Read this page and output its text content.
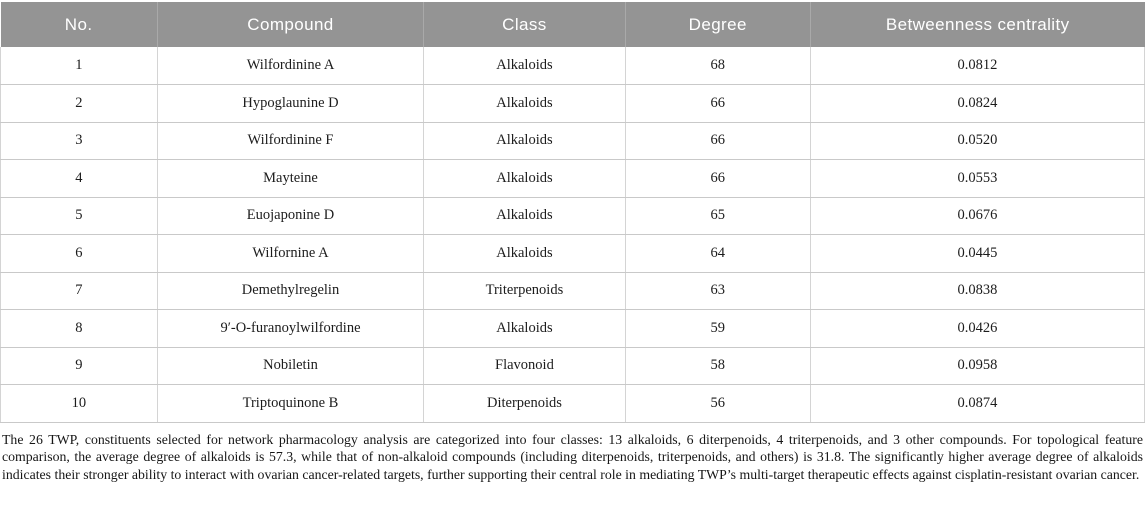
No.	Compound	Class	Degree	Betweenness centrality
1	Wilfordinine A	Alkaloids	68	0.0812
2	Hypoglaunine D	Alkaloids	66	0.0824
3	Wilfordinine F	Alkaloids	66	0.0520
4	Mayteine	Alkaloids	66	0.0553
5	Euojaponine D	Alkaloids	65	0.0676
6	Wilfornine A	Alkaloids	64	0.0445
7	Demethylregelin	Triterpenoids	63	0.0838
8	9′-O-furanoylwilfordine	Alkaloids	59	0.0426
9	Nobiletin	Flavonoid	58	0.0958
10	Triptoquinone B	Diterpenoids	56	0.0874

The 26 TWP, constituents selected for network pharmacology analysis are categorized into four classes: 13 alkaloids, 6 diterpenoids, 4 triterpenoids, and 3 other compounds. For topological feature comparison, the average degree of alkaloids is 57.3, while that of non-alkaloid compounds (including diterpenoids, triterpenoids, and others) is 31.8. The significantly higher average degree of alkaloids indicates their stronger ability to interact with ovarian cancer-related targets, further supporting their central role in mediating TWP’s multi-target therapeutic effects against cisplatin-resistant ovarian cancer.
